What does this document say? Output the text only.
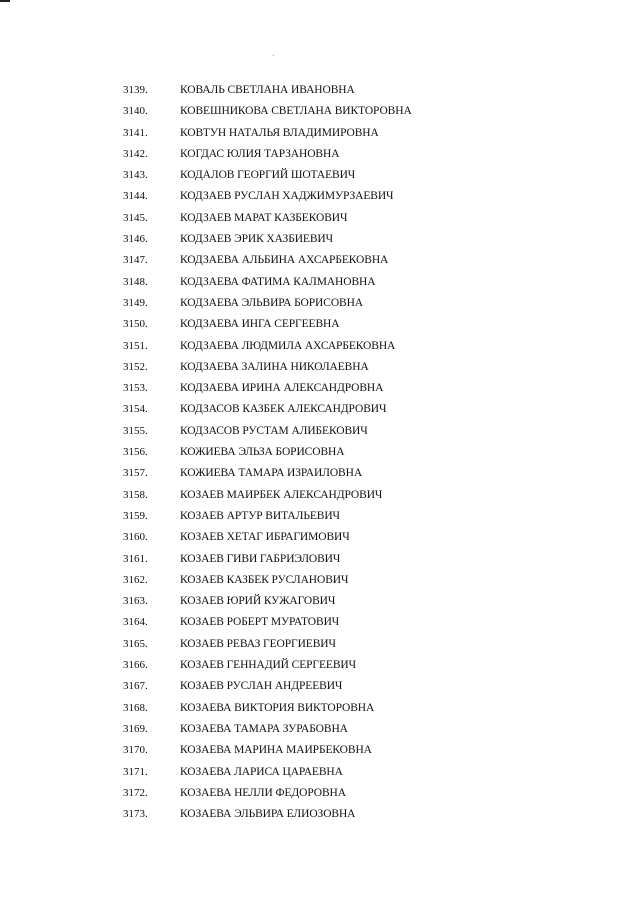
3139.	КОВАЛЬ СВЕТЛАНА ИВАНОВНА
3140.	КОВЕШНИКОВА СВЕТЛАНА ВИКТОРОВНА
3141.	КОВТУН НАТАЛЬЯ ВЛАДИМИРОВНА
3142.	КОГДАС ЮЛИЯ ТАРЗАНОВНА
3143.	КОДАЛОВ ГЕОРГИЙ ШОТАЕВИЧ
3144.	КОДЗАЕВ РУСЛАН ХАДЖИМУРЗАЕВИЧ
3145.	КОДЗАЕВ МАРАТ КАЗБЕКОВИЧ
3146.	КОДЗАЕВ ЭРИК ХАЗБИЕВИЧ
3147.	КОДЗАЕВА АЛЬБИНА АХСАРБЕКОВНА
3148.	КОДЗАЕВА ФАТИМА КАЛМАНОВНА
3149.	КОДЗАЕВА ЭЛЬВИРА БОРИСОВНА
3150.	КОДЗАЕВА ИНГА СЕРГЕЕВНА
3151.	КОДЗАЕВА ЛЮДМИЛА АХСАРБЕКОВНА
3152.	КОДЗАЕВА ЗАЛИНА НИКОЛАЕВНА
3153.	КОДЗАЕВА ИРИНА АЛЕКСАНДРОВНА
3154.	КОДЗАСОВ КАЗБЕК АЛЕКСАНДРОВИЧ
3155.	КОДЗАСОВ РУСТАМ АЛИБЕКОВИЧ
3156.	КОЖИЕВА ЭЛЬЗА БОРИСОВНА
3157.	КОЖИЕВА ТАМАРА ИЗРАИЛОВНА
3158.	КОЗАЕВ МАИРБЕК АЛЕКСАНДРОВИЧ
3159.	КОЗАЕВ АРТУР ВИТАЛЬЕВИЧ
3160.	КОЗАЕВ ХЕТАГ ИБРАГИМОВИЧ
3161.	КОЗАЕВ ГИВИ ГАБРИЭЛОВИЧ
3162.	КОЗАЕВ КАЗБЕК РУСЛАНОВИЧ
3163.	КОЗАЕВ ЮРИЙ КУЖАГОВИЧ
3164.	КОЗАЕВ РОБЕРТ МУРАТОВИЧ
3165.	КОЗАЕВ РЕВАЗ ГЕОРГИЕВИЧ
3166.	КОЗАЕВ ГЕННАДИЙ СЕРГЕЕВИЧ
3167.	КОЗАЕВ РУСЛАН АНДРЕЕВИЧ
3168.	КОЗАЕВА ВИКТОРИЯ ВИКТОРОВНА
3169.	КОЗАЕВА ТАМАРА ЗУРАБОВНА
3170.	КОЗАЕВА МАРИНА МАИРБЕКОВНА
3171.	КОЗАЕВА ЛАРИСА ЦАРАЕВНА
3172.	КОЗАЕВА НЕЛЛИ ФЕДОРОВНА
3173.	КОЗАЕВА ЭЛЬВИРА ЕЛИОЗОВНА
